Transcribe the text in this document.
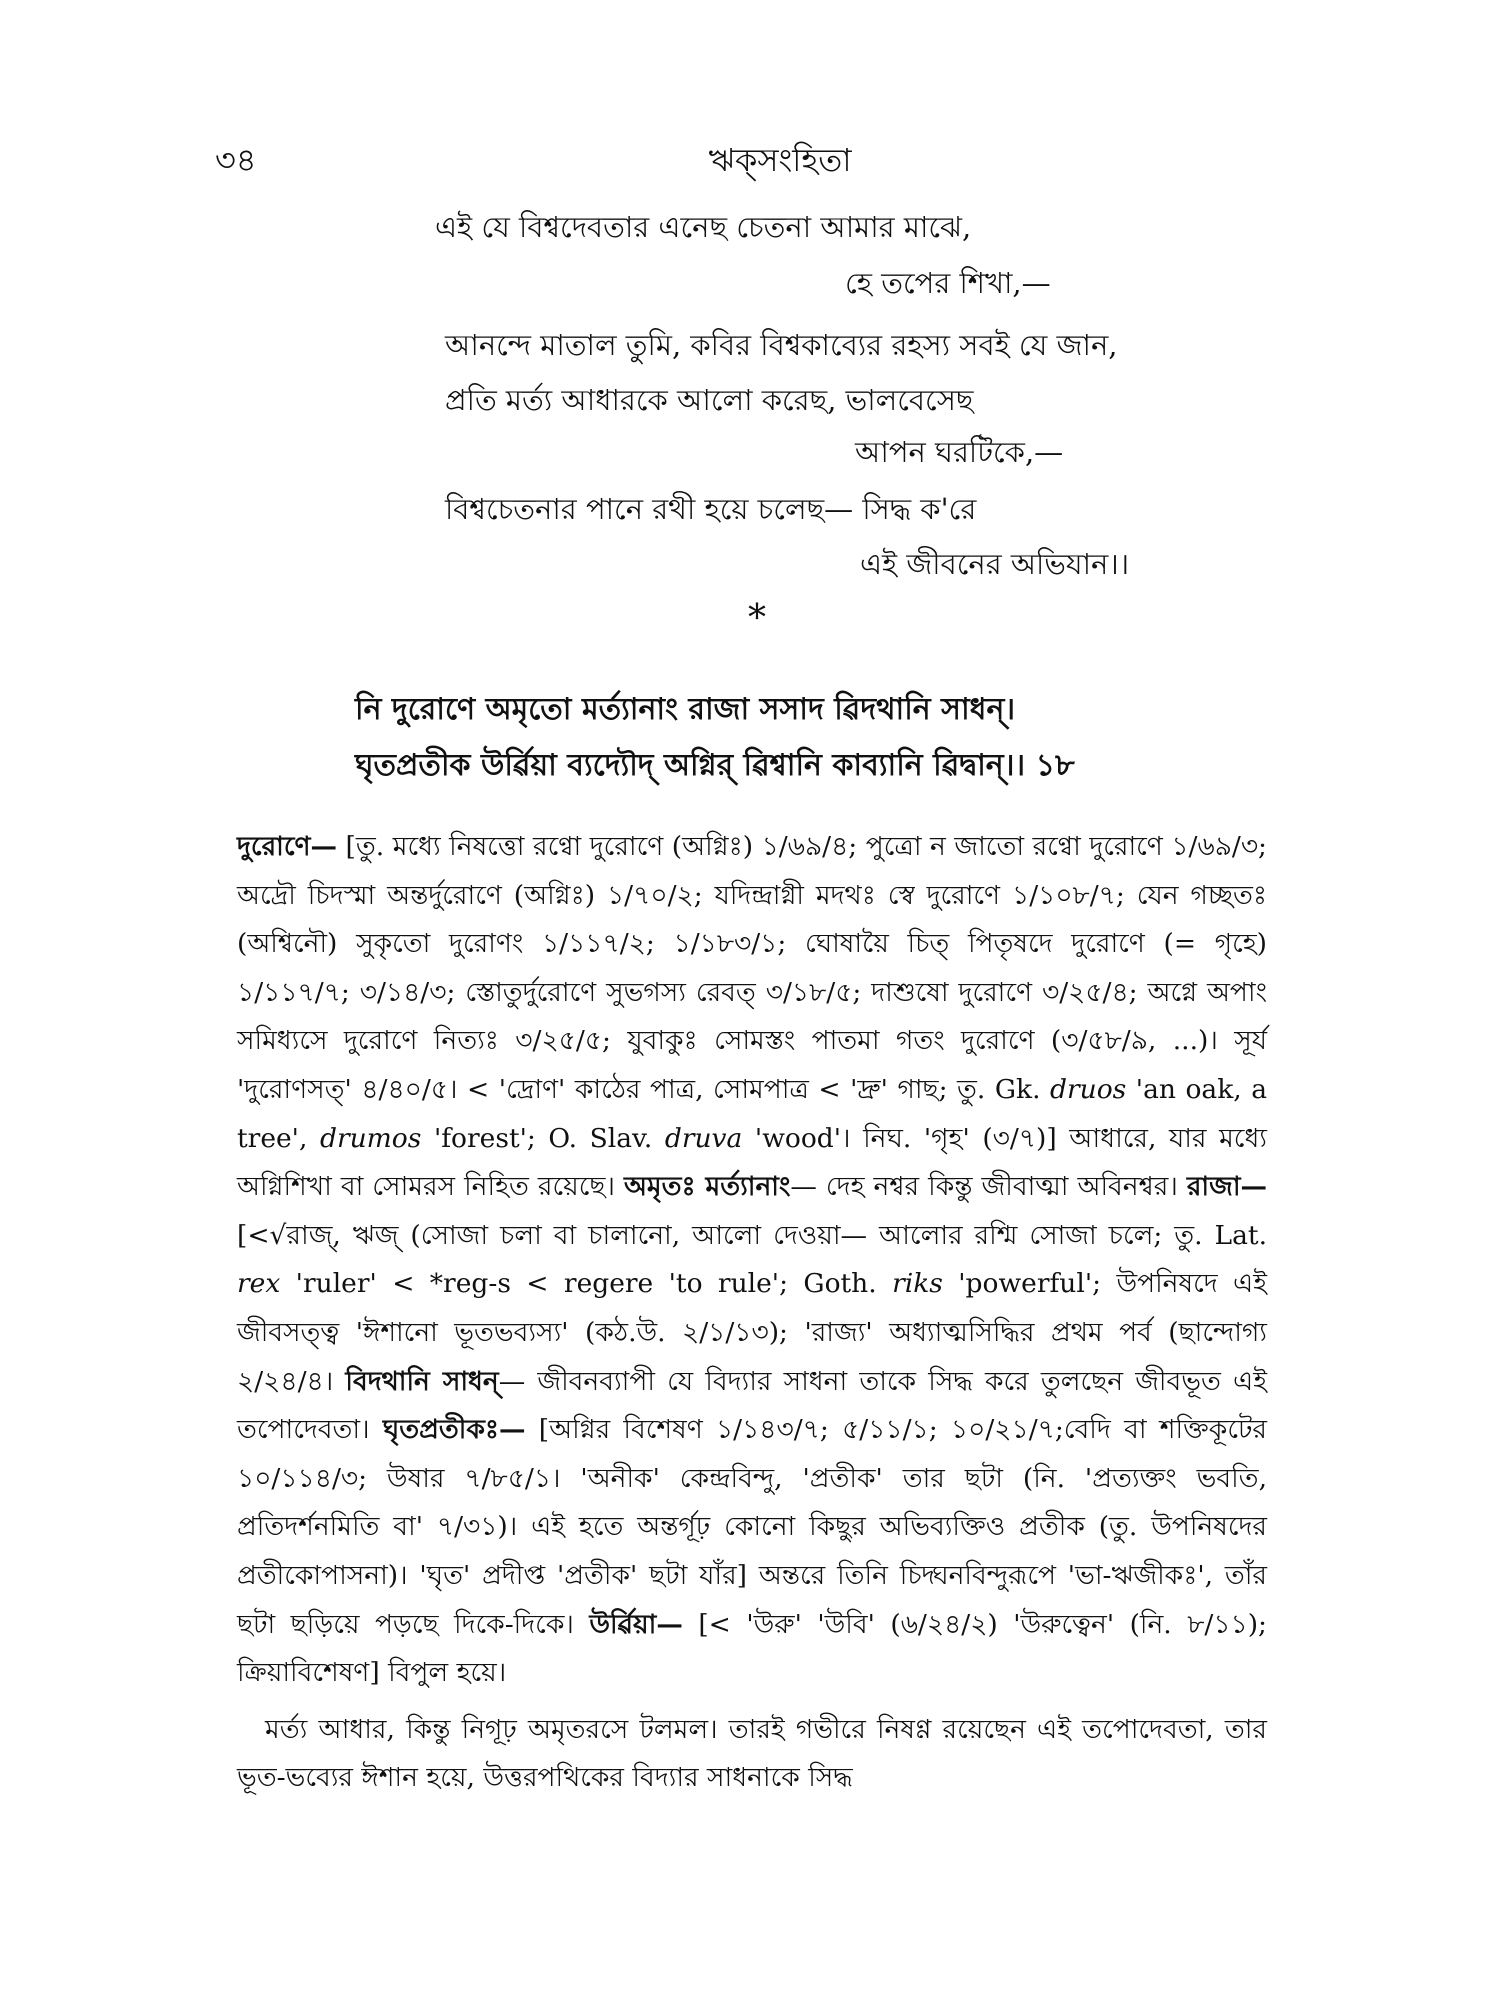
৩৪	ঋক্‌সংহিতা
এই যে বিশ্বদেবতার এনেছ চেতনা আমার মাঝে,
হে তপের শিখা,—
আনন্দে মাতাল তুমি, কবির বিশ্বকাব্যের রহস্য সবই যে জান,
প্রতি মর্ত্য আধারকে আলো করেছ, ভালবেসেছ
আপন ঘরটিকে,—
বিশ্বচেতনার পানে রথী হয়ে চলেছ— সিদ্ধ ক'রে
এই জীবনের অভিযান।।
*
নি দুরোণে অমৃতো মর্ত্যানাং রাজা সসাদ ৱিদথানি সাধন্।
ঘৃতপ্রতীক উর্ৱিয়া ব্যদ্যৌদ্ অগ্নির্ ৱিশ্বানি কাব্যানি ৱিদ্বান্।। ১৮

দুরোণে— [তু. মধ্যে নিষত্তো রণ্বো দুরোণে (অগ্নিঃ) ১/৬৯/৪; পুত্রো ন জাতো রণ্বো দুরোণে ১/৬৯/৩; অদ্রৌ চিদস্মা অন্তর্দুরোণে (অগ্নিঃ) ১/৭০/২; যদিন্দ্রাগ্নী মদথঃ স্বে দুরোণে ১/১০৮/৭; যেন গচ্ছতঃ (অশ্বিনৌ) সুকৃতো দুরোণং ১/১১৭/২; ১/১৮৩/১; ঘোষায়ৈ চিত্ পিতৃষদে দুরোণে (= গৃহে) ১/১১৭/৭; ৩/১৪/৩; স্তোতুর্দুরোণে সুভগস্য রেবত্ ৩/১৮/৫; দাশুষো দুরোণে ৩/২৫/৪; অগ্নে অপাং সমিধ্যসে দুরোণে নিত্যঃ ৩/২৫/৫; যুবাকুঃ সোমস্তং পাতমা গতং দুরোণে (৩/৫৮/৯, ...)। সূর্য 'দুরোণসত্' ৪/৪০/৫। < 'দ্রোণ' কাঠের পাত্র, সোমপাত্র < 'দ্রু' গাছ; তু. Gk. druos 'an oak, a tree', drumos 'forest'; O. Slav. druva 'wood'। নিঘ. 'গৃহ' (৩/৭)] আধারে, যার মধ্যে অগ্নিশিখা বা সোমরস নিহিত রয়েছে। অমৃতঃ মর্ত্যানাং— দেহ নশ্বর কিন্তু জীবাত্মা অবিনশ্বর। রাজা— [<√রাজ্, ঋজ্ (সোজা চলা বা চালানো, আলো দেওয়া— আলোর রশ্মি সোজা চলে; তু. Lat. rex 'ruler' < *reg-s < regere 'to rule'; Goth. riks 'powerful'; উপনিষদে এই জীবসত্ত্ব 'ঈশানো ভূতভব্যস্য' (কঠ.উ. ২/১/১৩); 'রাজ্য' অধ্যাত্মসিদ্ধির প্রথম পর্ব (ছান্দোগ্য ২/২৪/৪। বিদথানি সাধন্— জীবনব্যাপী যে বিদ্যার সাধনা তাকে সিদ্ধ করে তুলছেন জীবভূত এই তপোদেবতা। ঘৃতপ্রতীকঃ— [অগ্নির বিশেষণ ১/১৪৩/৭; ৫/১১/১; ১০/২১/৭;বেদি বা শক্তিকূটের ১০/১১৪/৩; উষার ৭/৮৫/১। 'অনীক' কেন্দ্রবিন্দু, 'প্রতীক' তার ছটা (নি. 'প্রত্যক্তং ভবতি, প্রতিদর্শনমিতি বা' ৭/৩১)। এই হতে অন্তর্গূঢ় কোনো কিছুর অভিব্যক্তিও প্রতীক (তু. উপনিষদের প্রতীকোপাসনা)। 'ঘৃত' প্রদীপ্ত 'প্রতীক' ছটা যাঁর] অন্তরে তিনি চিদ্ঘনবিন্দুরূপে 'ভা-ঋজীকঃ', তাঁর ছটা ছড়িয়ে পড়ছে দিকে-দিকে। উর্ৱিয়া— [< 'উরু' 'উবি' (৬/২৪/২) 'উরুত্বেন' (নি. ৮/১১); ক্রিয়াবিশেষণ] বিপুল হয়ে।

মর্ত্য আধার, কিন্তু নিগূঢ় অমৃতরসে টলমল। তারই গভীরে নিষণ্ণ রয়েছেন এই তপোদেবতা, তার ভূত-ভব্যের ঈশান হয়ে, উত্তরপথিকের বিদ্যার সাধনাকে সিদ্ধ
